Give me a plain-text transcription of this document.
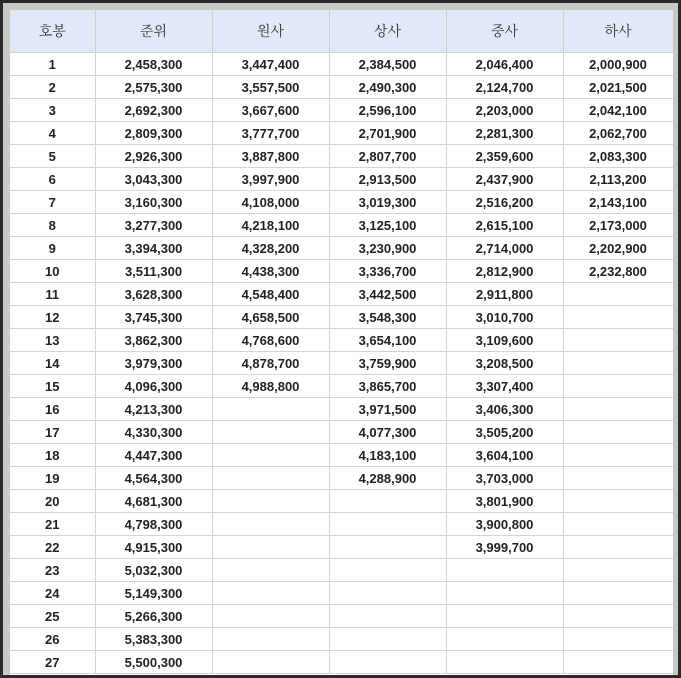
호봉	준위	원사	상사	중사	하사
1	2,458,300	3,447,400	2,384,500	2,046,400	2,000,900
2	2,575,300	3,557,500	2,490,300	2,124,700	2,021,500
3	2,692,300	3,667,600	2,596,100	2,203,000	2,042,100
4	2,809,300	3,777,700	2,701,900	2,281,300	2,062,700
5	2,926,300	3,887,800	2,807,700	2,359,600	2,083,300
6	3,043,300	3,997,900	2,913,500	2,437,900	2,113,200
7	3,160,300	4,108,000	3,019,300	2,516,200	2,143,100
8	3,277,300	4,218,100	3,125,100	2,615,100	2,173,000
9	3,394,300	4,328,200	3,230,900	2,714,000	2,202,900
10	3,511,300	4,438,300	3,336,700	2,812,900	2,232,800
11	3,628,300	4,548,400	3,442,500	2,911,800	
12	3,745,300	4,658,500	3,548,300	3,010,700	
13	3,862,300	4,768,600	3,654,100	3,109,600	
14	3,979,300	4,878,700	3,759,900	3,208,500	
15	4,096,300	4,988,800	3,865,700	3,307,400	
16	4,213,300		3,971,500	3,406,300	
17	4,330,300		4,077,300	3,505,200	
18	4,447,300		4,183,100	3,604,100	
19	4,564,300		4,288,900	3,703,000	
20	4,681,300			3,801,900	
21	4,798,300			3,900,800	
22	4,915,300			3,999,700	
23	5,032,300				
24	5,149,300				
25	5,266,300				
26	5,383,300				
27	5,500,300				
